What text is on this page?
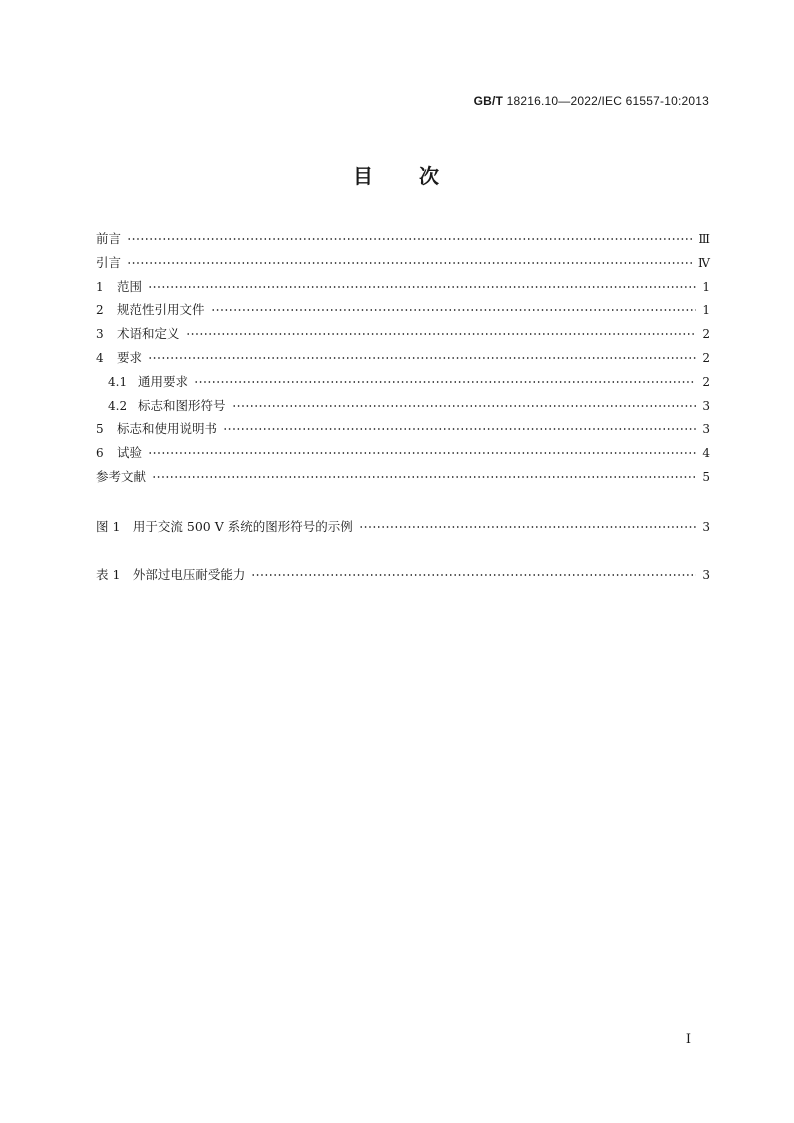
GB/T 18216.10—2022/IEC 61557-10:2013
目 次
前言	Ⅲ
引言	Ⅳ
1	范围	1
2	规范性引用文件	1
3	术语和定义	2
4	要求	2
4.1 通用要求	2
4.2 标志和图形符号	3
5	标志和使用说明书	3
6	试验	4
参考文献	5
图 1　用于交流 500 V 系统的图形符号的示例	3
表 1　外部过电压耐受能力	3
Ⅰ
